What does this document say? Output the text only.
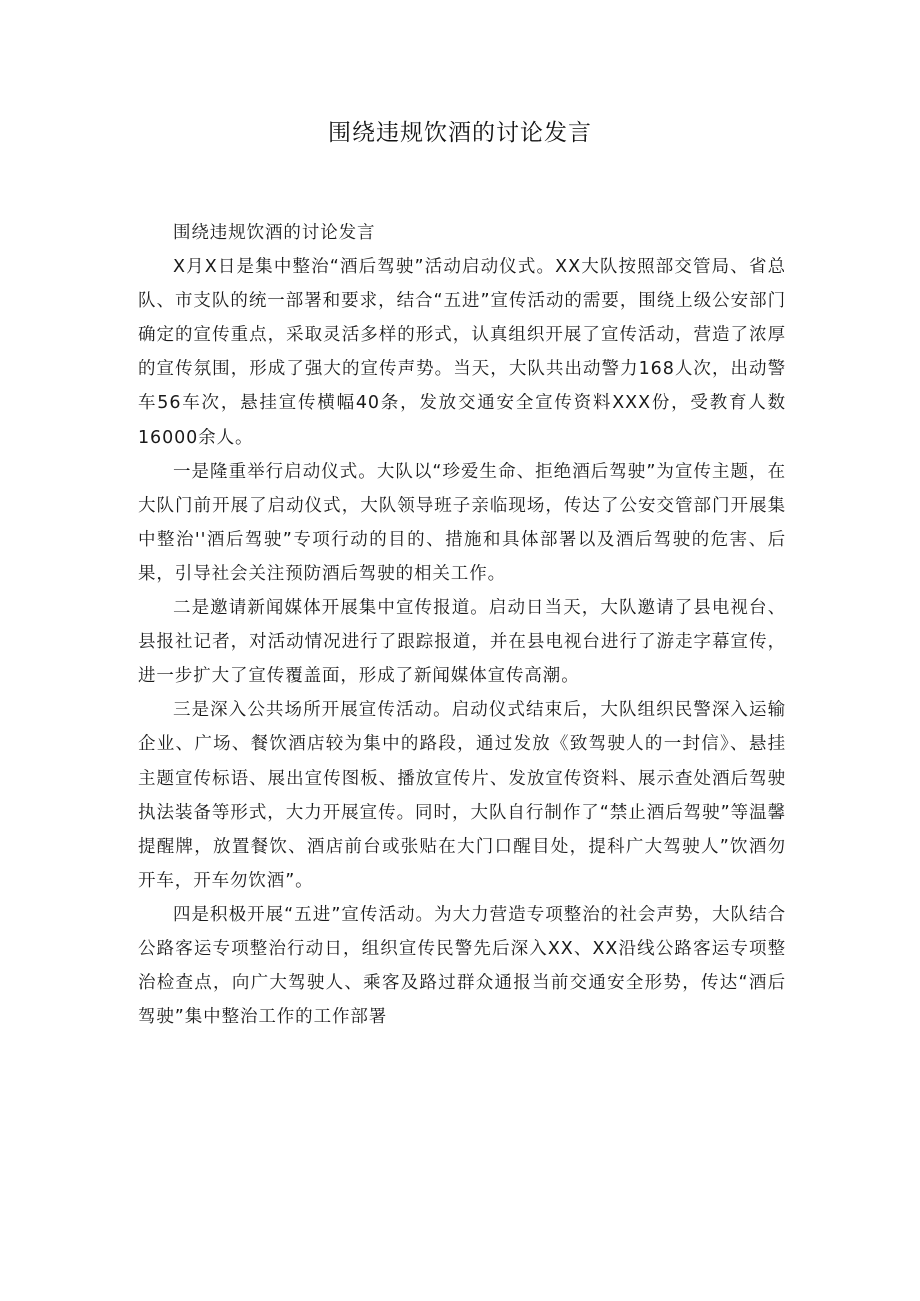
围绕违规饮酒的讨论发言

围绕违规饮酒的讨论发言

X月X日是集中整治“酒后驾驶”活动启动仪式。XX大队按照部交管局、省总队、市支队的统一部署和要求，结合“五进”宣传活动的需要，围绕上级公安部门确定的宣传重点，采取灵活多样的形式，认真组织开展了宣传活动，营造了浓厚的宣传氛围，形成了强大的宣传声势。当天，大队共出动警力168人次，出动警车56车次，悬挂宣传横幅40条，发放交通安全宣传资料XXX份，受教育人数16000余人。

一是隆重举行启动仪式。大队以“珍爱生命、拒绝酒后驾驶”为宣传主题，在大队门前开展了启动仪式，大队领导班子亲临现场，传达了公安交管部门开展集中整治''酒后驾驶”专项行动的目的、措施和具体部署以及酒后驾驶的危害、后果，引导社会关注预防酒后驾驶的相关工作。

二是邀请新闻媒体开展集中宣传报道。启动日当天，大队邀请了县电视台、县报社记者，对活动情况进行了跟踪报道，并在县电视台进行了游走字幕宣传，进一步扩大了宣传覆盖面，形成了新闻媒体宣传高潮。

三是深入公共场所开展宣传活动。启动仪式结束后，大队组织民警深入运输企业、广场、餐饮酒店较为集中的路段，通过发放《致驾驶人的一封信》、悬挂主题宣传标语、展出宣传图板、播放宣传片、发放宣传资料、展示查处酒后驾驶执法装备等形式，大力开展宣传。同时，大队自行制作了“禁止酒后驾驶”等温馨提醒牌，放置餐饮、酒店前台或张贴在大门口醒目处，提科广大驾驶人”饮酒勿开车，开车勿饮酒”。

四是积极开展“五进”宣传活动。为大力营造专项整治的社会声势，大队结合公路客运专项整治行动日，组织宣传民警先后深入XX、XX沿线公路客运专项整治检查点，向广大驾驶人、乘客及路过群众通报当前交通安全形势，传达“酒后驾驶”集中整治工作的工作部署
